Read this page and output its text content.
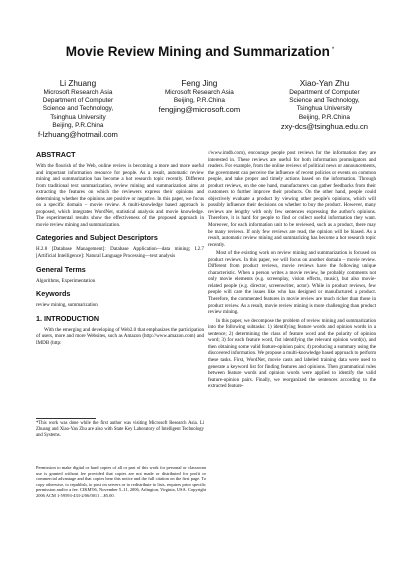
Movie Review Mining and Summarization *
Li Zhuang
Microsoft Research Asia
Department of Computer
Science and Technology,
Tsinghua University
Beijing, P.R.China
f-lzhuang@hotmail.com
Feng Jing
Microsoft Research Asia
Beijing, P.R.China
fengjing@microsoft.com
Xiao-Yan Zhu
Department of Computer
Science and Technology,
Tsinghua University
Beijing, P.R.China
zxy-dcs@tsinghua.edu.cn
ABSTRACT

With the flourish of the Web, online review is becoming a more and more useful and important information resource for people. As a result, automatic review mining and summarization has become a hot research topic recently. Different from traditional text summarization, review mining and summarization aims at extracting the features on which the reviewers express their opinions and determining whether the opinions are positive or negative. In this paper, we focus on a specific domain – movie review. A multi-knowledge based approach is proposed, which integrates WordNet, statistical analysis and movie knowledge. The experimental results show the effectiveness of the proposed approach in movie review mining and summarization.

Categories and Subject Descriptors

H.2.8 [Database Management]: Database Application—data mining; I.2.7 [Artificial Intelligence]: Natural Language Processing—text analysis

General Terms

Algorithms, Experimentation

Keywords

review mining, summarization

1. INTRODUCTION

With the emerging and developing of Web2.0 that emphasizes the participation of users, more and more Websites, such as Amazon (http://www.amazon.com) and IMDB (http:

*This work was done while the first author was visiting Microsoft Research Asia. Li Zhuang and Xiao-Yan Zhu are also with State Key Laboratory of Intelligent Technology and Systems.
Permission to make digital or hard copies of all or part of this work for personal or classroom use is granted without fee provided that copies are not made or distributed for profit or commercial advantage and that copies bear this notice and the full citation on the first page. To copy otherwise, to republish, to post on servers or to redistribute to lists, requires prior specific permission and/or a fee. CIKM'06, November 5–11, 2006, Arlington, Virginia, USA. Copyright 2006 ACM 1-59593-433-2/06/0011 ...$5.00.

//www.imdb.com), encourage people post reviews for the information they are interested in. These reviews are useful for both information promulgators and readers. For example, from the online reviews of political news or announcements, the government can perceive the influence of recent policies or events on common people, and take proper and timely actions based on the information. Through product reviews, on the one hand, manufacturers can gather feedbacks from their customers to further improve their products. On the other hand, people could objectively evaluate a product by viewing other people's opinions, which will possibly influence their decisions on whether to buy the product. However, many reviews are lengthy with only few sentences expressing the author's opinions. Therefore, it is hard for people to find or collect useful information they want. Moreover, for each information unit to be reviewed, such as a product, there may be many reviews. If only few reviews are read, the opinion will be biased. As a result, automatic review mining and summarizing has become a hot research topic recently.

Most of the existing work on review mining and summarization is focused on product reviews. In this paper, we will focus on another domain – movie review. Different from product reviews, movie reviews have the following unique characteristic. When a person writes a movie review, he probably comments not only movie elements (e.g. screenplay, vision effects, music), but also movie-related people (e.g. director, screenwriter, actor). While in product reviews, few people will care the issues like who has designed or manufactured a product. Therefore, the commented features in movie review are much richer than those in product review. As a result, movie review mining is more challenging than product review mining.

In this paper, we decompose the problem of review mining and summarization into the following subtasks: 1) identifying feature words and opinion words in a sentence; 2) determining the class of feature word and the polarity of opinion word; 3) for each feature word, fist identifying the relevant opinion word(s), and then obtaining some valid feature-opinion pairs; 4) producing a summary using the discovered information. We propose a multi-knowledge based approach to perform these tasks. First, WordNet, movie casts and labeled training data were used to generate a keyword list for finding features and opinions. Then grammatical rules between feature words and opinion words were applied to identify the valid feature-opinion pairs. Finally, we reorganized the sentences according to the extracted feature-
